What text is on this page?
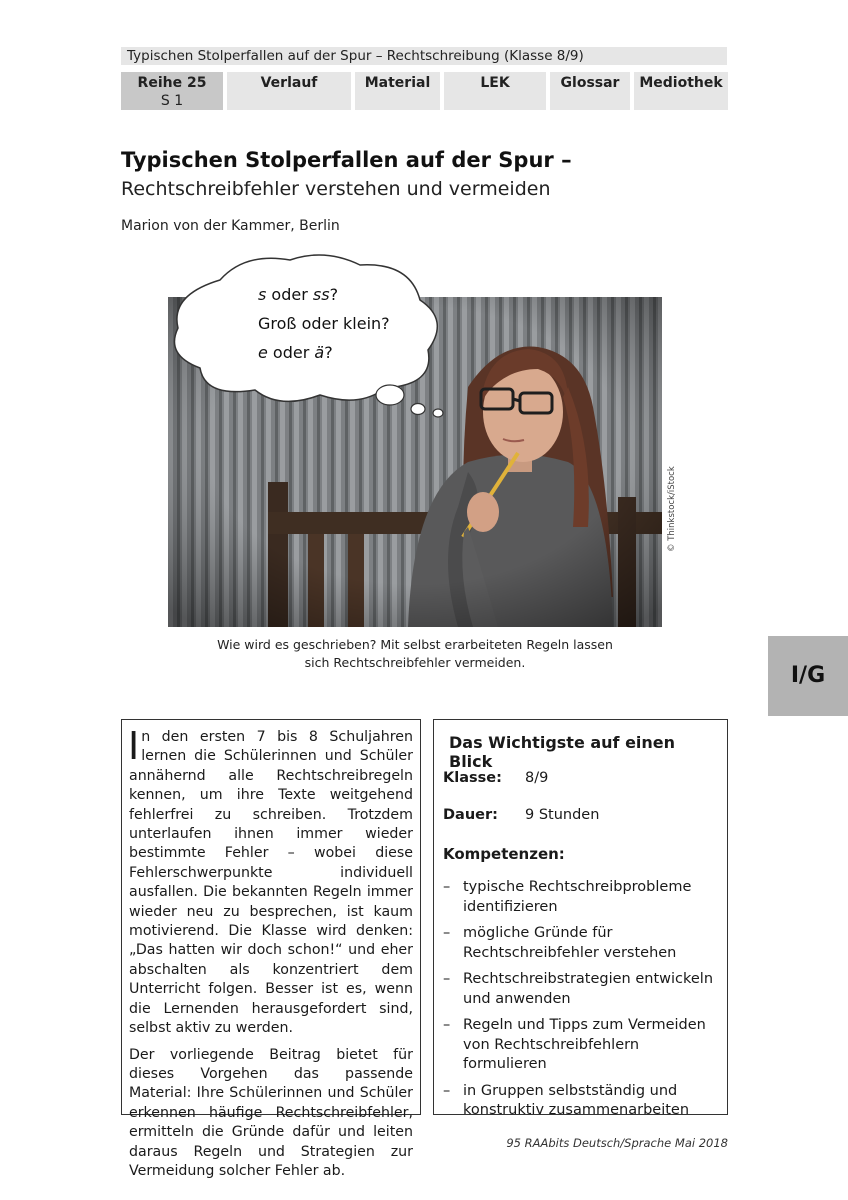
Typischen Stolperfallen auf der Spur – Rechtschreibung (Klasse 8/9)
Reihe 25
S 1
Verlauf	Material	LEK	Glossar	Mediothek
Typischen Stolperfallen auf der Spur –
Rechtschreibfehler verstehen und vermeiden
Marion von der Kammer, Berlin
s oder ss?
Groß oder klein?
e oder ä?
© Thinkstock/iStock
Wie wird es geschrieben? Mit selbst erarbeiteten Regeln lassen
sich Rechtschreibfehler vermeiden.
I/G

In den ersten 7 bis 8 Schuljahren lernen die Schülerinnen und Schüler annähernd alle Rechtschreibregeln kennen, um ihre Texte weitgehend fehlerfrei zu schreiben. Trotzdem unterlaufen ihnen immer wieder bestimmte Fehler – wobei diese Fehlerschwerpunkte individuell ausfallen. Die bekannten Regeln immer wieder neu zu besprechen, ist kaum motivierend. Die Klasse wird denken: „Das hatten wir doch schon!“ und eher abschalten als konzentriert dem Unterricht folgen. Besser ist es, wenn die Lernenden herausgefordert sind, selbst aktiv zu werden.

Der vorliegende Beitrag bietet für dieses Vorgehen das passende Material: Ihre Schülerinnen und Schüler erkennen häufige Rechtschreibfehler, ermitteln die Gründe dafür und leiten daraus Regeln und Strategien zur Vermeidung solcher Fehler ab.

Das Wichtigste auf einen Blick
Klasse: 8/9
Dauer: 9 Stunden
Kompetenzen:
– typische Rechtschreibprobleme identifizieren
– mögliche Gründe für Rechtschreibfehler verstehen
– Rechtschreibstrategien entwickeln und anwenden
– Regeln und Tipps zum Vermeiden von Rechtschreibfehlern formulieren
– in Gruppen selbstständig und konstruktiv zusammenarbeiten
95 RAAbits Deutsch/Sprache Mai 2018
